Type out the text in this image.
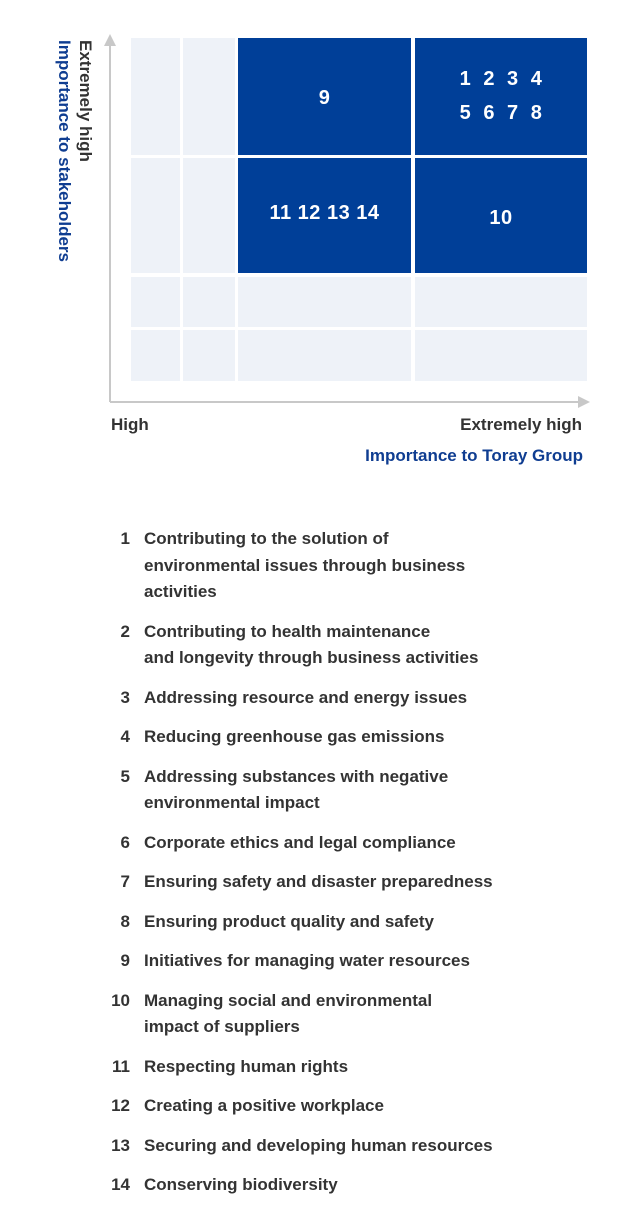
9
1  2  3  4
5  6  7  8
11 12 13 14	10
Extremely high
Importance to stakeholders
High	Extremely high
Importance to Toray Group
1 Contributing to the solution of
environmental issues through business
activities
2 Contributing to health maintenance
and longevity through business activities
3 Addressing resource and energy issues
4 Reducing greenhouse gas emissions
5 Addressing substances with negative
environmental impact
6 Corporate ethics and legal compliance
7 Ensuring safety and disaster preparedness
8 Ensuring product quality and safety
9 Initiatives for managing water resources
10 Managing social and environmental
impact of suppliers
11 Respecting human rights
12 Creating a positive workplace
13 Securing and developing human resources
14 Conserving biodiversity
